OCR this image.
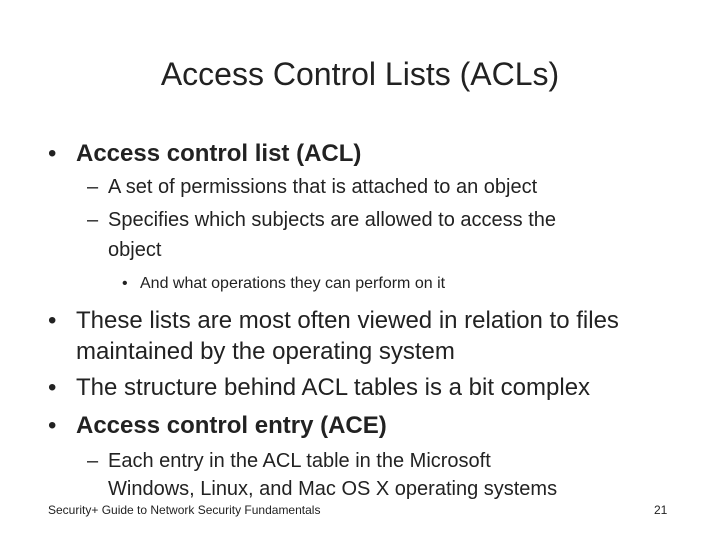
Access Control Lists (ACLs)
• Access control list (ACL)
– A set of permissions that is attached to an object
– Specifies which subjects are allowed to access the
object
• And what operations they can perform on it
• These lists are most often viewed in relation to files
maintained by the operating system
• The structure behind ACL tables is a bit complex
• Access control entry (ACE)
– Each entry in the ACL table in the Microsoft
Windows, Linux, and Mac OS X operating systems
Security+ Guide to Network Security Fundamentals	21
